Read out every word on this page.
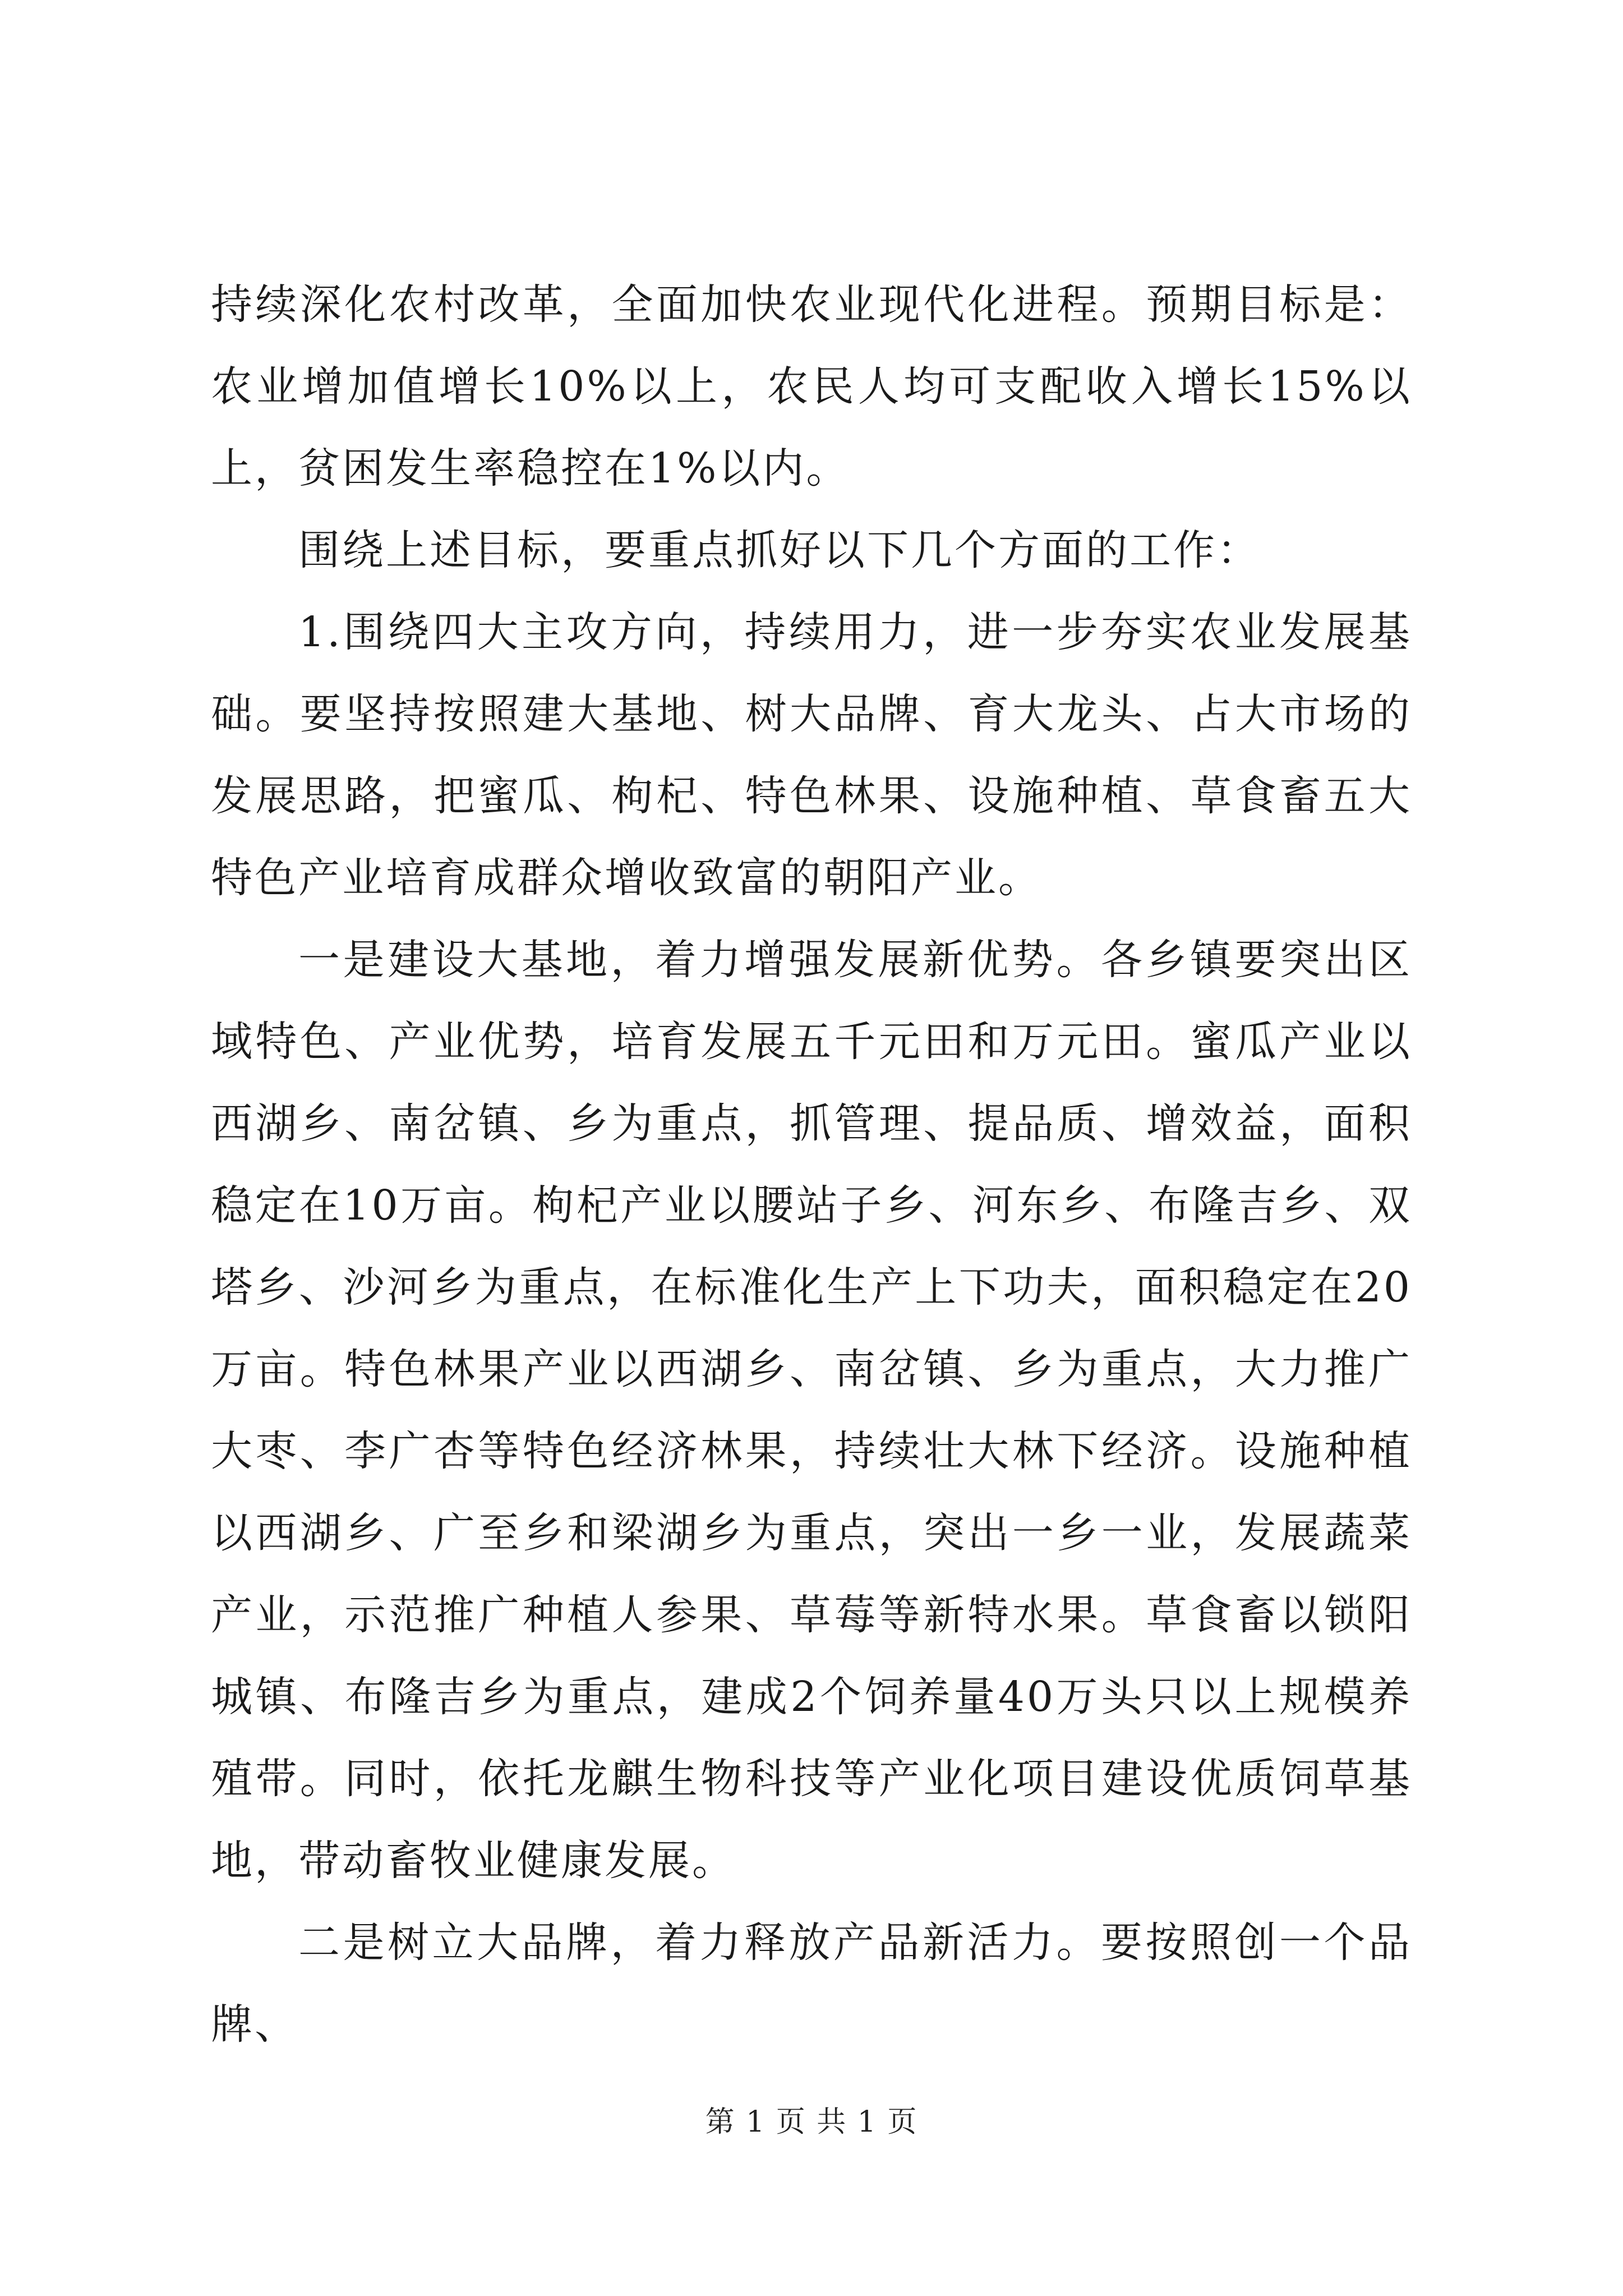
持续深化农村改革，全面加快农业现代化进程。预期目标是：农业增加值增长10%以上，农民人均可支配收入增长15%以上，贫困发生率稳控在1%以内。

围绕上述目标，要重点抓好以下几个方面的工作：

1.围绕四大主攻方向，持续用力，进一步夯实农业发展基础。要坚持按照建大基地、树大品牌、育大龙头、占大市场的发展思路，把蜜瓜、枸杞、特色林果、设施种植、草食畜五大特色产业培育成群众增收致富的朝阳产业。

一是建设大基地，着力增强发展新优势。各乡镇要突出区域特色、产业优势，培育发展五千元田和万元田。蜜瓜产业以西湖乡、南岔镇、乡为重点，抓管理、提品质、增效益，面积稳定在10万亩。枸杞产业以腰站子乡、河东乡、布隆吉乡、双塔乡、沙河乡为重点，在标准化生产上下功夫，面积稳定在20万亩。特色林果产业以西湖乡、南岔镇、乡为重点，大力推广大枣、李广杏等特色经济林果，持续壮大林下经济。设施种植以西湖乡、广至乡和梁湖乡为重点，突出一乡一业，发展蔬菜产业，示范推广种植人参果、草莓等新特水果。草食畜以锁阳城镇、布隆吉乡为重点，建成2个饲养量40万头只以上规模养殖带。同时，依托龙麒生物科技等产业化项目建设优质饲草基地，带动畜牧业健康发展。

二是树立大品牌，着力释放产品新活力。要按照创一个品牌、

第 1 页 共 1 页
